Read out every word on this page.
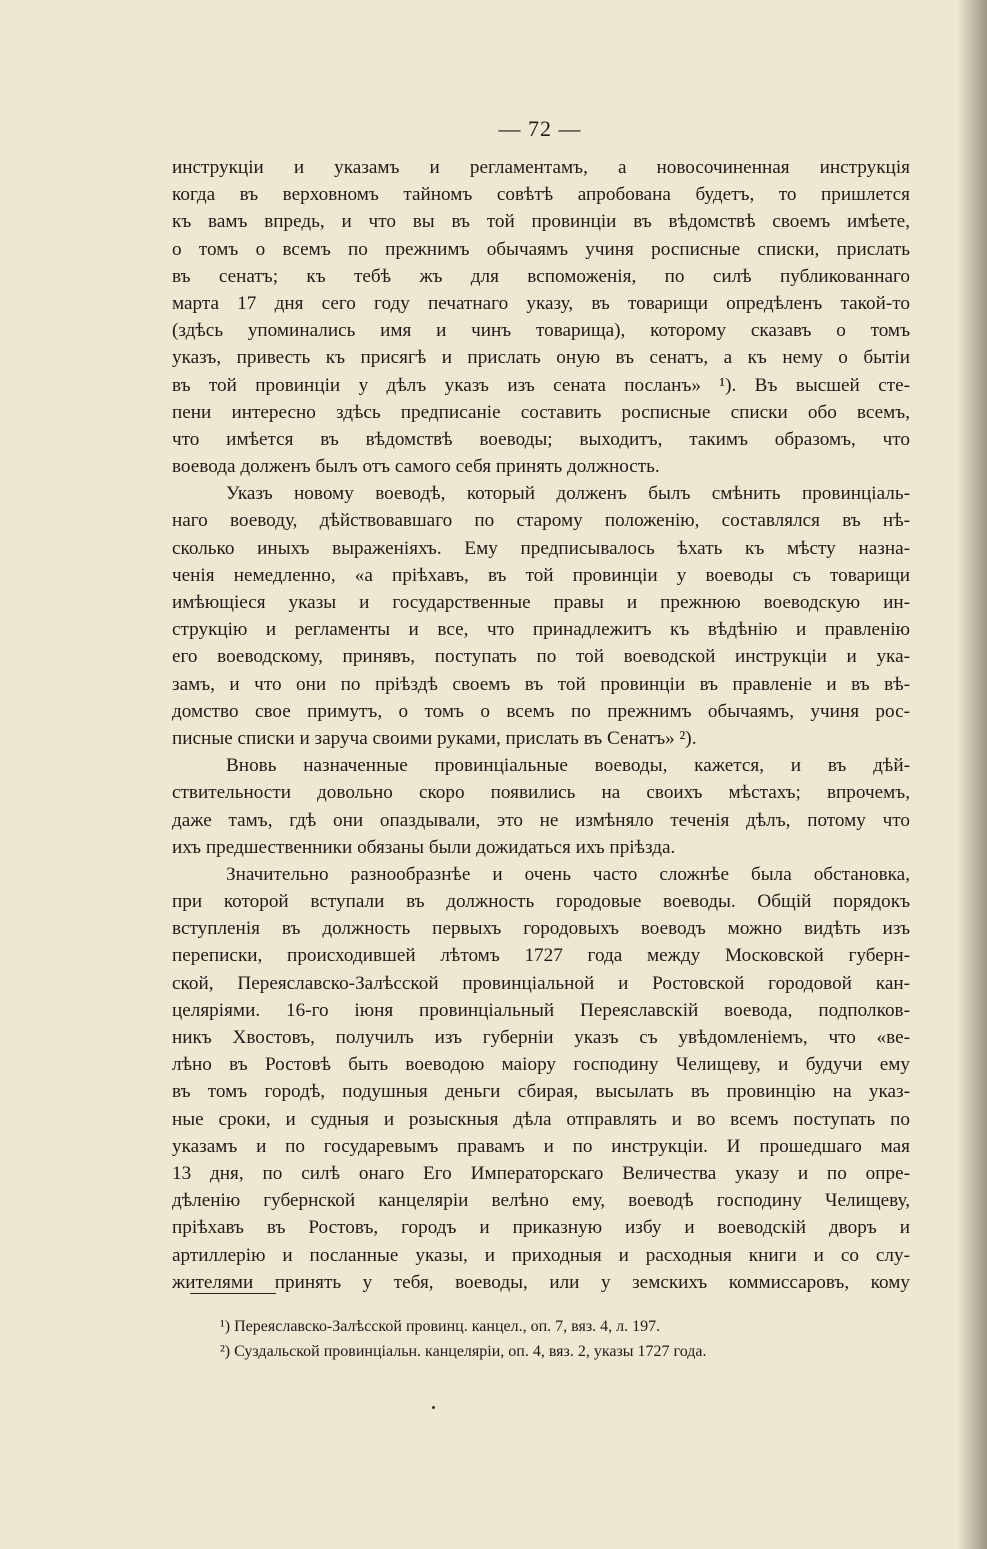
— 72 —
инструкціи и указамъ и регламентамъ, а новосочиненная инструкція
когда въ верховномъ тайномъ совѣтѣ апробована будетъ, то пришлется
къ вамъ впредь, и что вы въ той провинціи въ вѣдомствѣ своемъ имѣете,
о томъ о всемъ по прежнимъ обычаямъ учиня росписные списки, прислать
въ сенатъ; къ тебѣ жъ для вспоможенія, по силѣ публикованнаго
марта 17 дня сего году печатнаго указу, въ товарищи опредѣленъ такой-то
(здѣсь упоминались имя и чинъ товарища), которому сказавъ о томъ
указъ, привесть къ присягѣ и прислать оную въ сенатъ, а къ нему о бытіи
въ той провинціи у дѣлъ указъ изъ сената посланъ» ¹). Въ высшей сте-
пени интересно здѣсь предписаніе составить росписные списки обо всемъ,
что имѣется въ вѣдомствѣ воеводы; выходитъ, такимъ образомъ, что
воевода долженъ былъ отъ самого себя принять должность.
Указъ новому воеводѣ, который долженъ былъ смѣнить провинціаль-
наго воеводу, дѣйствовавшаго по старому положенію, составлялся въ нѣ-
сколько иныхъ выраженіяхъ. Ему предписывалось ѣхать къ мѣсту назна-
ченія немедленно, «а пріѣхавъ, въ той провинціи у воеводы съ товарищи
имѣющіеся указы и государственные правы и прежнюю воеводскую ин-
струкцію и регламенты и все, что принадлежитъ къ вѣдѣнію и правленію
его воеводскому, принявъ, поступать по той воеводской инструкціи и ука-
замъ, и что они по пріѣздѣ своемъ въ той провинціи въ правленіе и въ вѣ-
домство свое примутъ, о томъ о всемъ по прежнимъ обычаямъ, учиня рос-
писные списки и заруча своими руками, прислать въ Сенатъ» ²).
Вновь назначенные провинціальные воеводы, кажется, и въ дѣй-
ствительности довольно скоро появились на своихъ мѣстахъ; впрочемъ,
даже тамъ, гдѣ они опаздывали, это не измѣняло теченія дѣлъ, потому что
ихъ предшественники обязаны были дожидаться ихъ пріѣзда.
Значительно разнообразнѣе и очень часто сложнѣе была обстановка,
при которой вступали въ должность городовые воеводы. Общій порядокъ
вступленія въ должность первыхъ городовыхъ воеводъ можно видѣть изъ
переписки, происходившей лѣтомъ 1727 года между Московской губерн-
ской, Переяславско-Залѣсской провинціальной и Ростовской городовой кан-
целяріями. 16-го іюня провинціальный Переяславскій воевода, подполков-
никъ Хвостовъ, получилъ изъ губерніи указъ съ увѣдомленіемъ, что «ве-
лѣно въ Ростовѣ быть воеводою маіору господину Челищеву, и будучи ему
въ томъ городѣ, подушныя деньги сбирая, высылать въ провинцію на указ-
ные сроки, и судныя и розыскныя дѣла отправлять и во всемъ поступать по
указамъ и по государевымъ правамъ и по инструкціи. И прошедшаго мая
13 дня, по силѣ онаго Его Императорскаго Величества указу и по опре-
дѣленію губернской канцеляріи велѣно ему, воеводѣ господину Челищеву,
пріѣхавъ въ Ростовъ, городъ и приказную избу и воеводскій дворъ и
артиллерію и посланные указы, и приходныя и расходныя книги и со слу-
жителями принять у тебя, воеводы, или у земскихъ коммиссаровъ, кому
¹) Переяславско-Залѣсской провинц. канцел., оп. 7, вяз. 4, л. 197.
²) Суздальской провинціальн. канцеляріи, оп. 4, вяз. 2, указы 1727 года.
